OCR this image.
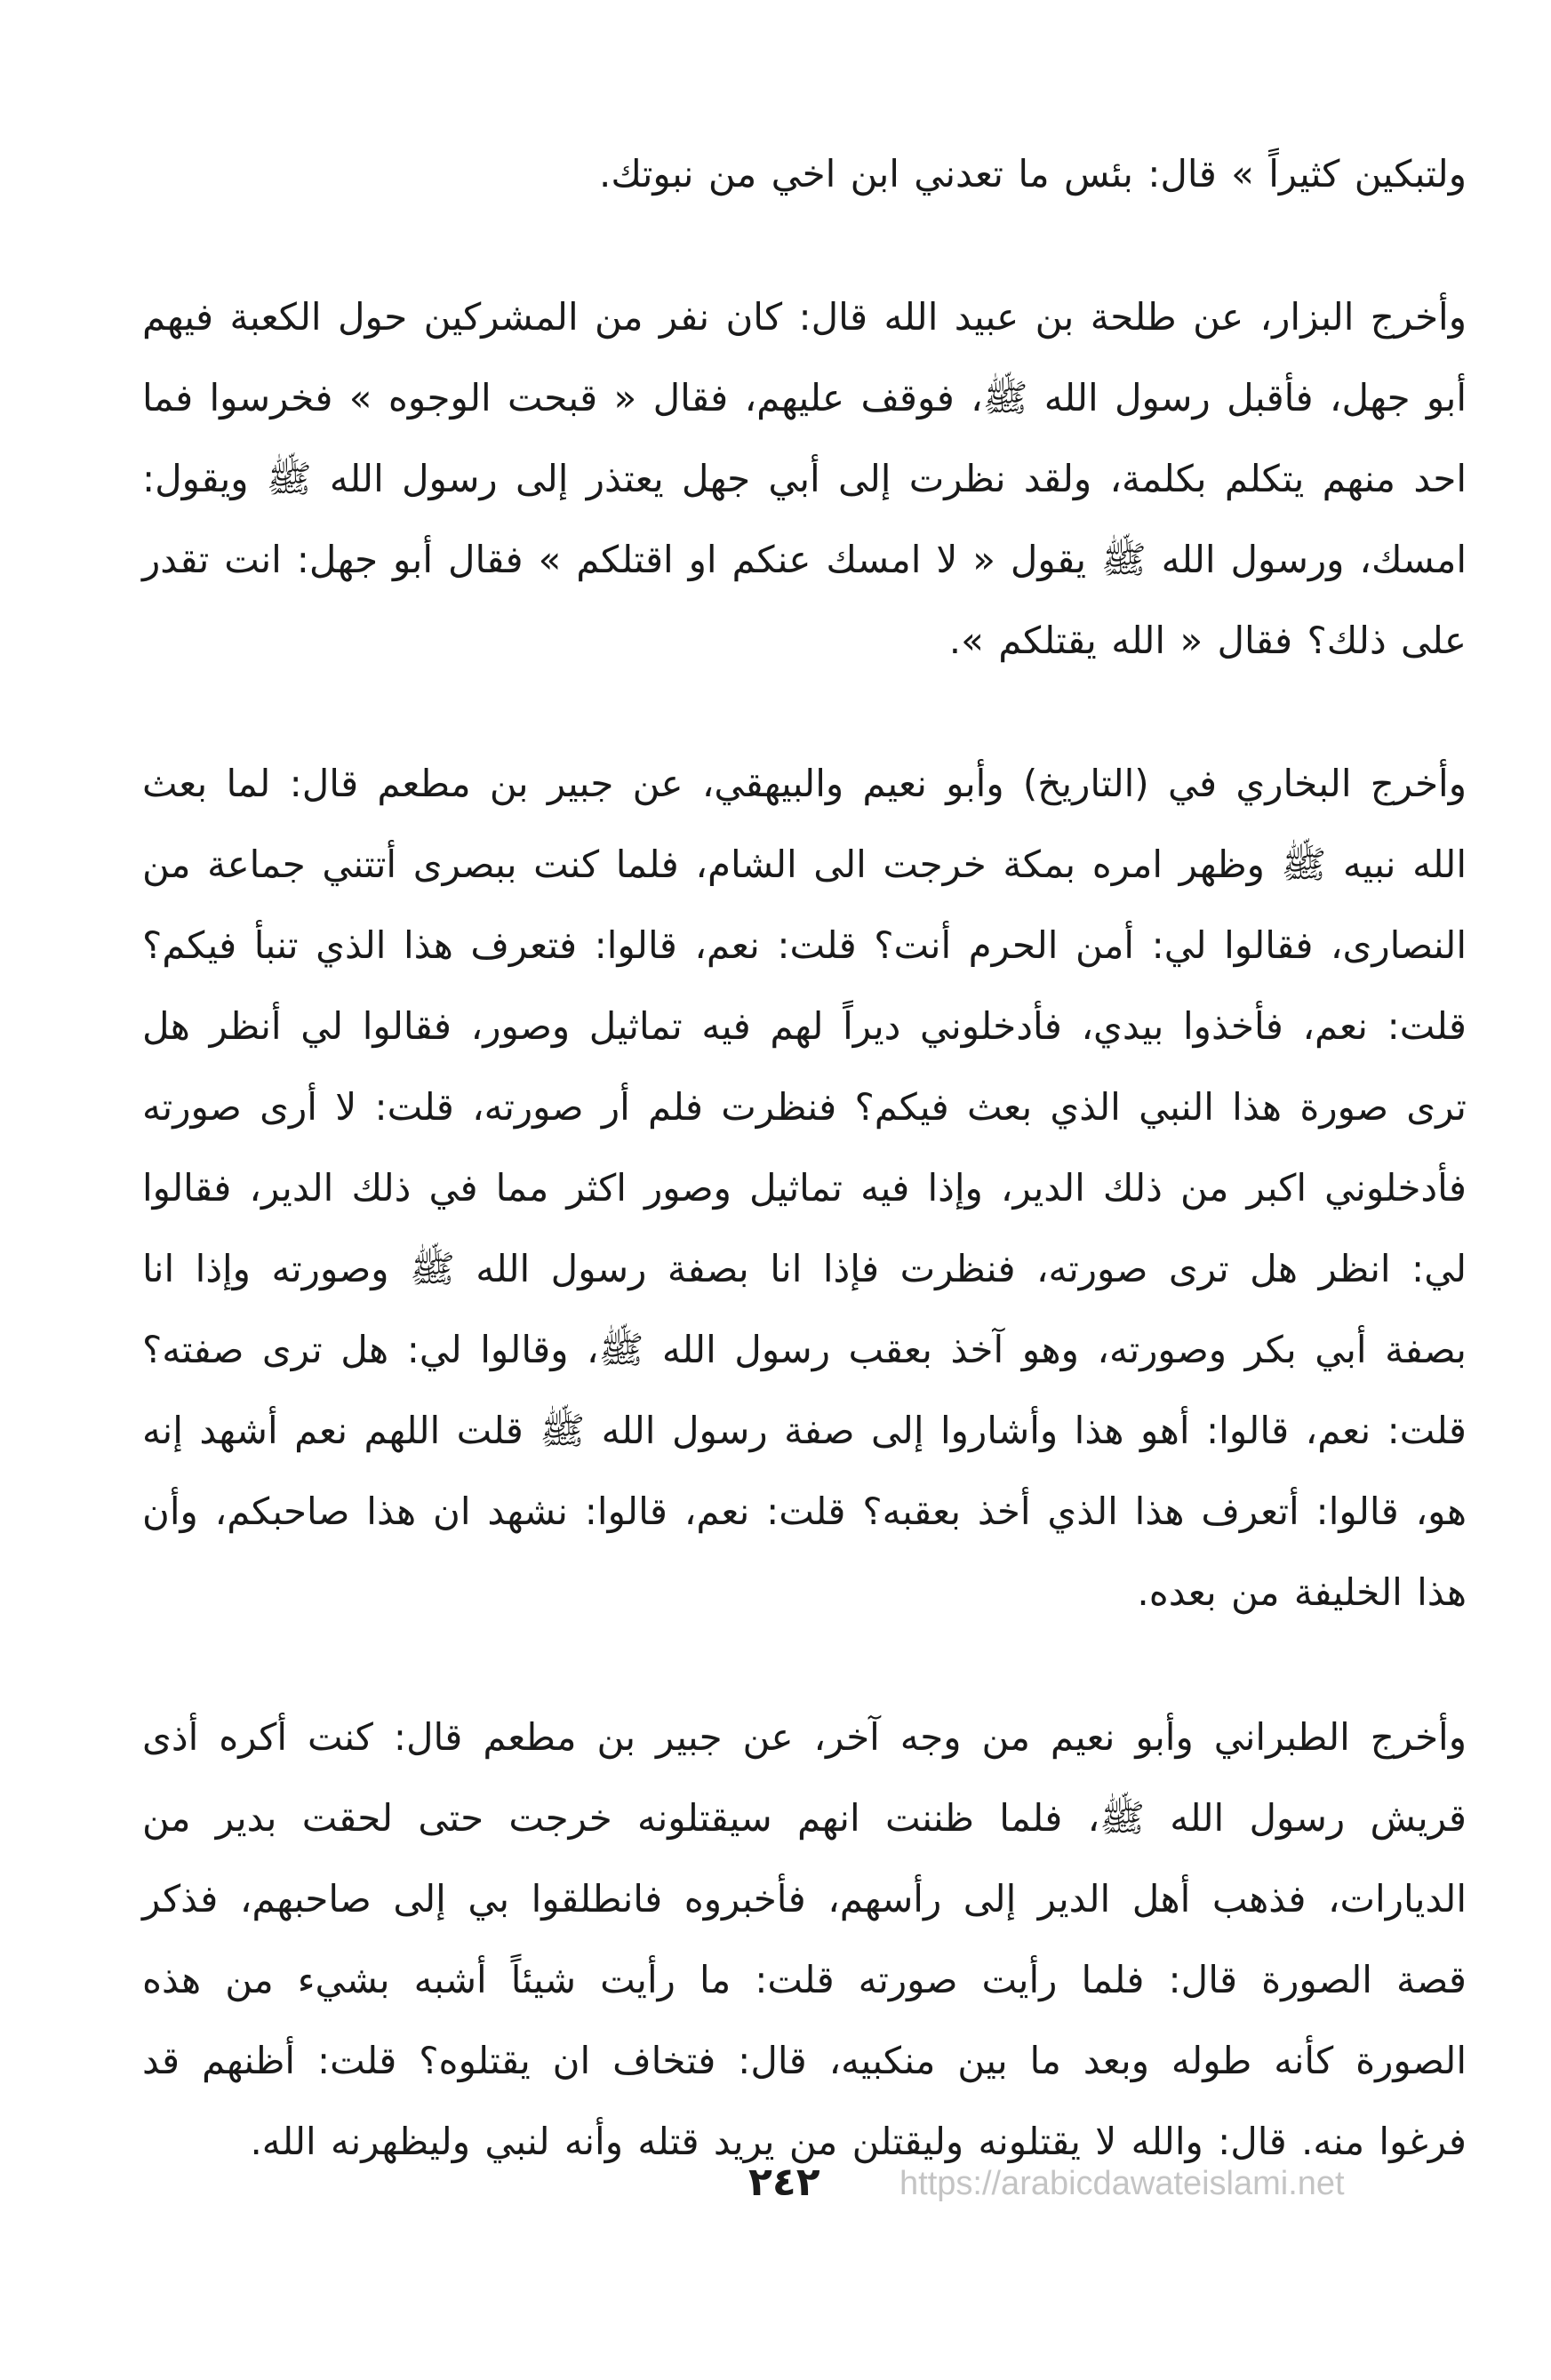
ولتبكين كثيراً » قال: بئس ما تعدني ابن اخي من نبوتك.

وأخرج البزار، عن طلحة بن عبيد الله قال: كان نفر من المشركين حول الكعبة فيهم أبو جهل، فأقبل رسول الله ﷺ، فوقف عليهم، فقال « قبحت الوجوه » فخرسوا فما احد منهم يتكلم بكلمة، ولقد نظرت إلى أبي جهل يعتذر إلى رسول الله ﷺ ويقول: امسك، ورسول الله ﷺ يقول « لا امسك عنكم او اقتلكم » فقال أبو جهل: انت تقدر على ذلك؟ فقال « الله يقتلكم ».

وأخرج البخاري في (التاريخ) وأبو نعيم والبيهقي، عن جبير بن مطعم قال: لما بعث الله نبيه ﷺ وظهر امره بمكة خرجت الى الشام، فلما كنت ببصرى أتتني جماعة من النصارى، فقالوا لي: أمن الحرم أنت؟ قلت: نعم، قالوا: فتعرف هذا الذي تنبأ فيكم؟ قلت: نعم، فأخذوا بيدي، فأدخلوني ديراً لهم فيه تماثيل وصور، فقالوا لي أنظر هل ترى صورة هذا النبي الذي بعث فيكم؟ فنظرت فلم أر صورته، قلت: لا أرى صورته فأدخلوني اكبر من ذلك الدير، وإذا فيه تماثيل وصور اكثر مما في ذلك الدير، فقالوا لي: انظر هل ترى صورته، فنظرت فإذا انا بصفة رسول الله ﷺ وصورته وإذا انا بصفة أبي بكر وصورته، وهو آخذ بعقب رسول الله ﷺ، وقالوا لي: هل ترى صفته؟ قلت: نعم، قالوا: أهو هذا وأشاروا إلى صفة رسول الله ﷺ قلت اللهم نعم أشهد إنه هو، قالوا: أتعرف هذا الذي أخذ بعقبه؟ قلت: نعم، قالوا: نشهد ان هذا صاحبكم، وأن هذا الخليفة من بعده.

وأخرج الطبراني وأبو نعيم من وجه آخر، عن جبير بن مطعم قال: كنت أكره أذى قريش رسول الله ﷺ، فلما ظننت انهم سيقتلونه خرجت حتى لحقت بدير من الديارات، فذهب أهل الدير إلى رأسهم، فأخبروه فانطلقوا بي إلى صاحبهم، فذكر قصة الصورة قال: فلما رأيت صورته قلت: ما رأيت شيئاً أشبه بشيء من هذه الصورة كأنه طوله وبعد ما بين منكبيه، قال: فتخاف ان يقتلوه؟ قلت: أظنهم قد فرغوا منه. قال: والله لا يقتلونه وليقتلن من يريد قتله وأنه لنبي وليظهرنه الله.

٢٤٢ https://arabicdawateislami.net
